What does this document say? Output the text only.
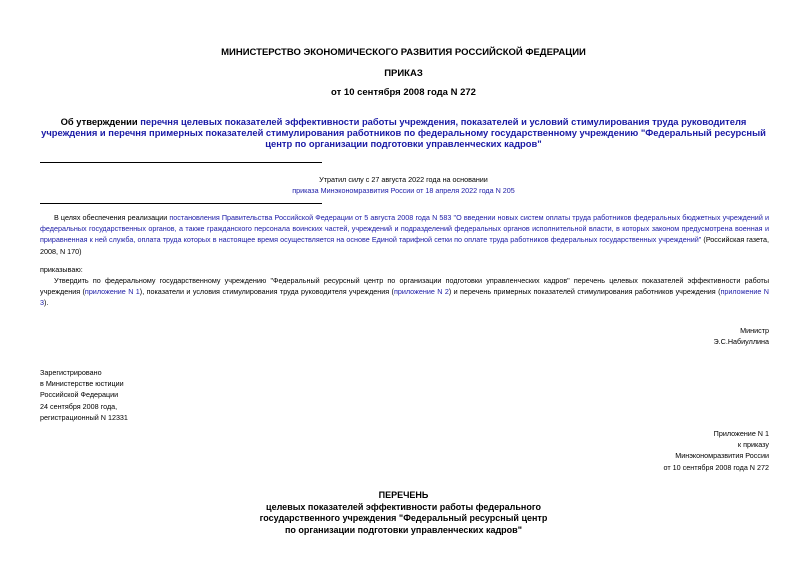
МИНИСТЕРСТВО ЭКОНОМИЧЕСКОГО РАЗВИТИЯ РОССИЙСКОЙ ФЕДЕРАЦИИ
ПРИКАЗ
от 10 сентября 2008 года N 272
Об утверждении перечня целевых показателей эффективности работы учреждения, показателей и условий стимулирования труда руководителя учреждения и перечня примерных показателей стимулирования работников по федеральному государственному учреждению "Федеральный ресурсный центр по организации подготовки управленческих кадров"
Утратил силу с 27 августа 2022 года на основании
приказа Минэкономразвития России от 18 апреля 2022 года N 205
В целях обеспечения реализации постановления Правительства Российской Федерации от 5 августа 2008 года N 583 "О введении новых систем оплаты труда работников федеральных бюджетных учреждений и федеральных государственных органов, а также гражданского персонала воинских частей, учреждений и подразделений федеральных органов исполнительной власти, в которых законом предусмотрена военная и приравненная к ней служба, оплата труда которых в настоящее время осуществляется на основе Единой тарифной сетки по оплате труда работников федеральных государственных учреждений" (Российская газета, 2008, N 170)
приказываю:
Утвердить по федеральному государственному учреждению "Федеральный ресурсный центр по организации подготовки управленческих кадров" перечень целевых показателей эффективности работы учреждения (приложение N 1), показатели и условия стимулирования труда руководителя учреждения (приложение N 2) и перечень примерных показателей стимулирования работников учреждения (приложение N 3).
Министр
Э.С.Набиуллина
Зарегистрировано
в Министерстве юстиции
Российской Федерации
24 сентября 2008 года,
регистрационный N 12331
Приложение N 1
к приказу
Минэкономразвития России
от 10 сентября 2008 года N 272
ПЕРЕЧЕНЬ
целевых показателей эффективности работы федерального
государственного учреждения "Федеральный ресурсный центр
по организации подготовки управленческих кадров"
